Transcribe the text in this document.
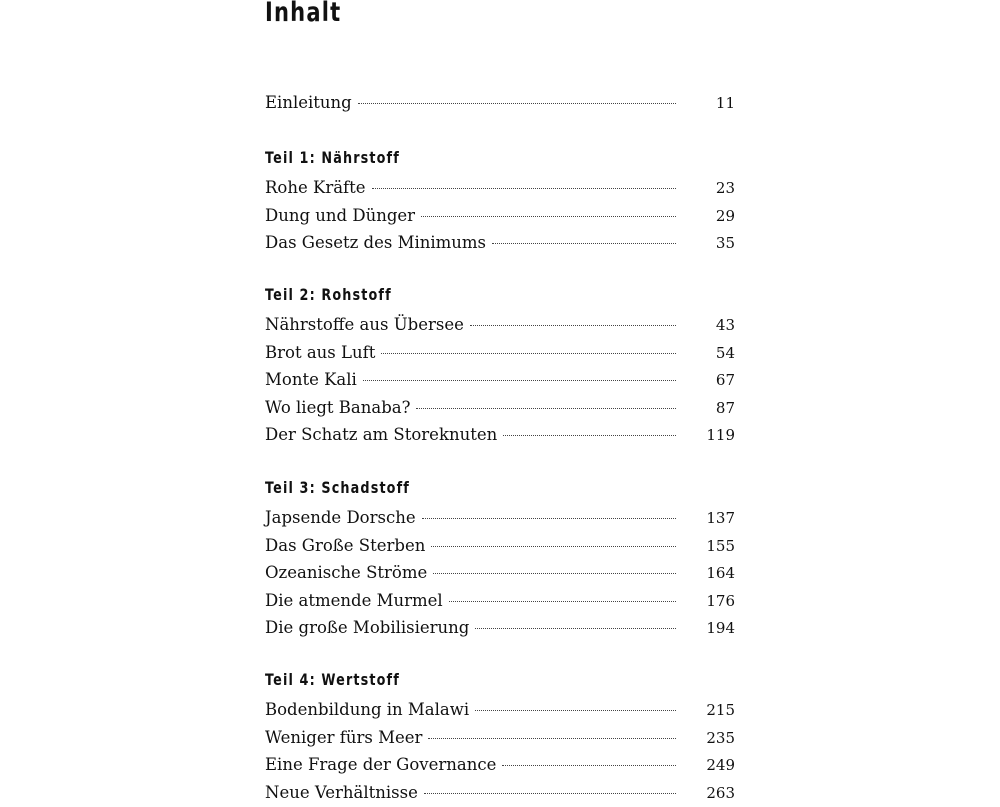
Inhalt
Einleitung	11
Teil 1: Nährstoff
Rohe Kräfte	23
Dung und Dünger	29
Das Gesetz des Minimums	35
Teil 2: Rohstoff
Nährstoffe aus Übersee	43
Brot aus Luft	54
Monte Kali	67
Wo liegt Banaba?	87
Der Schatz am Storeknuten	119
Teil 3: Schadstoff
Japsende Dorsche	137
Das Große Sterben	155
Ozeanische Ströme	164
Die atmende Murmel	176
Die große Mobilisierung	194
Teil 4: Wertstoff
Bodenbildung in Malawi	215
Weniger fürs Meer	235
Eine Frage der Governance	249
Neue Verhältnisse	263
